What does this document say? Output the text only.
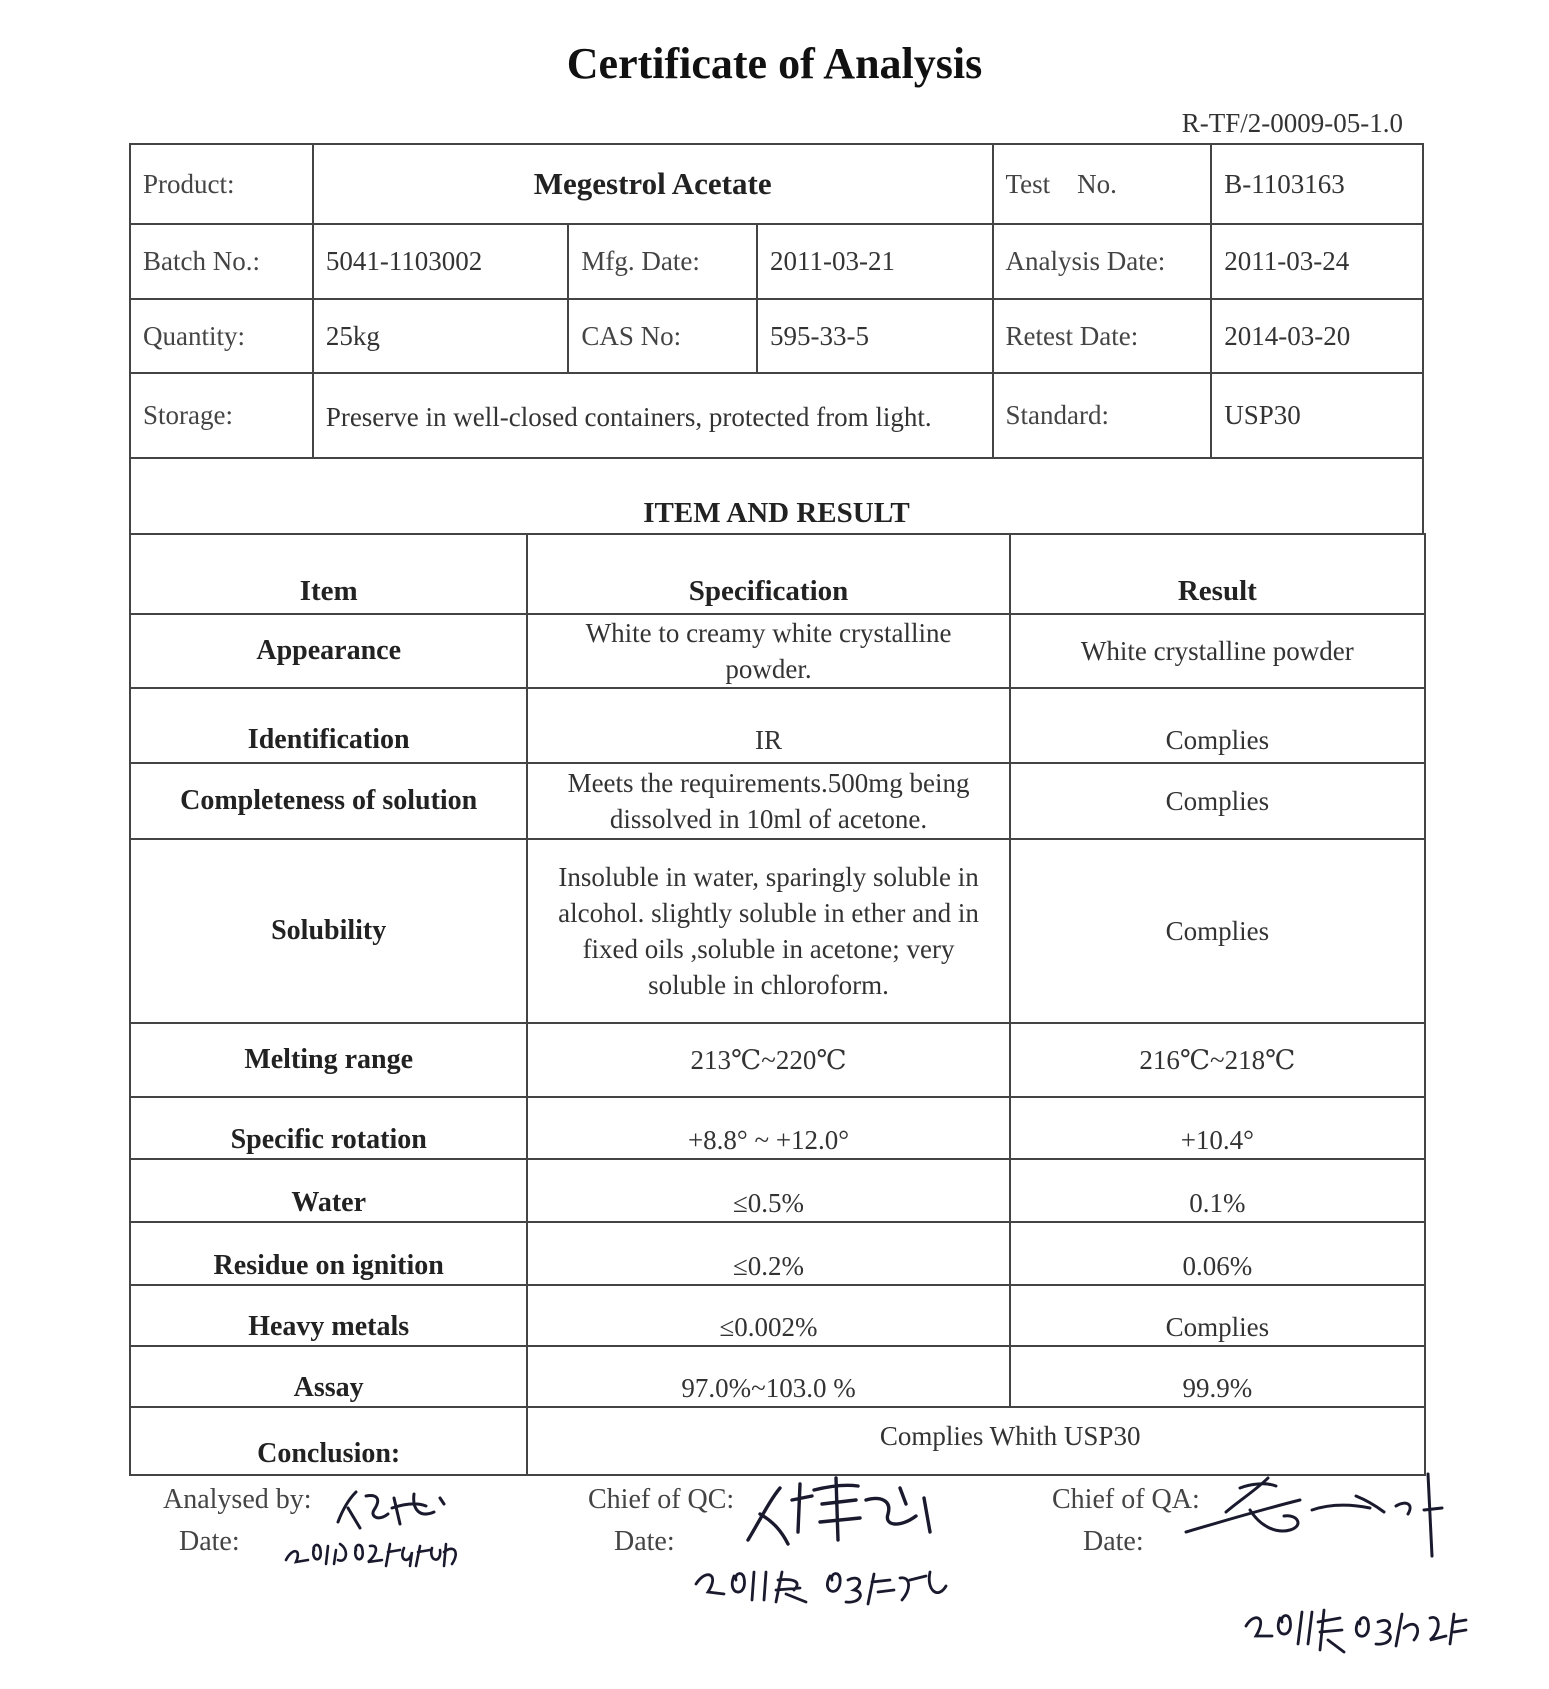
Certificate of Analysis
R-TF/2-0009-05-1.0
Product:	Megestrol Acetate			Test    No.	B-1103163
Batch No.:	5041-1103002	Mfg. Date:	2011-03-21	Analysis Date:	2011-03-24
Quantity:	25kg	CAS No:	595-33-5	Retest Date:	2014-03-20
Storage:	Preserve in well-closed containers, protected from light.			Standard:	USP30
ITEM AND RESULT
Item	Specification	Result
Appearance	White to creamy white crystalline powder.	White crystalline powder
Identification	IR	Complies
Completeness of solution	Meets the requirements.500mg being dissolved in 10ml of acetone.	Complies
Solubility	Insoluble in water, sparingly soluble in alcohol. slightly soluble in ether and in fixed oils ,soluble in acetone; very soluble in chloroform.	Complies
Melting range	213℃~220℃	216℃~218℃
Specific rotation	+8.8° ~ +12.0°	+10.4°
Water	≤0.5%	0.1%
Residue on ignition	≤0.2%	0.06%
Heavy metals	≤0.002%	Complies
Assay	97.0%~103.0 %	99.9%
Conclusion:	Complies Whith USP30	
Analysed by:
Date:
Chief of QC:
Date:
Chief of QA:
Date:
